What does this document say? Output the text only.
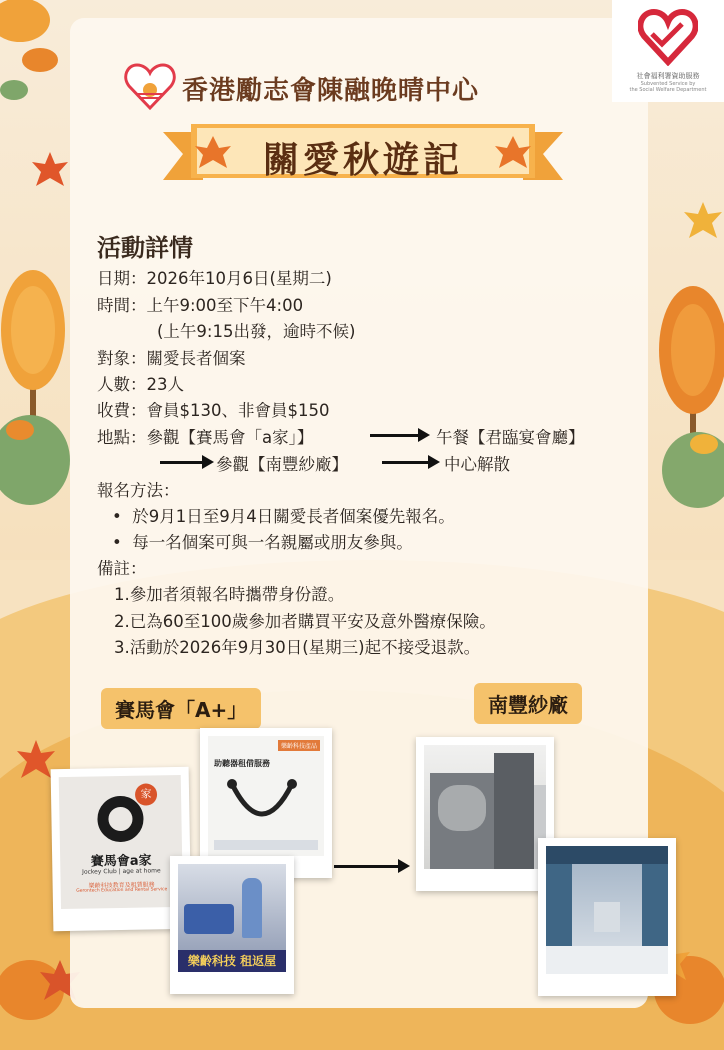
社會福利署資助服務
Subvented Service by
the Social Welfare Department
香港勵志會陳融晚晴中心
關愛秋遊記
活動詳情
日期：2026年10月6日(星期二)
時間：上午9:00至下午4:00
(上午9:15出發，逾時不候)
對象：關愛長者個案
人數：23人
收費：會員$130、非會員$150
地點：參觀【賽馬會「a家」】	午餐【君臨宴會廳】
參觀【南豐紗廠】	中心解散
報名方法：
•  於9月1日至9月4日關愛長者個案優先報名。
•  每一名個案可與一名親屬或朋友參與。
備註：
1.參加者須報名時攜帶身份證。
2.已為60至100歲參加者購買平安及意外醫療保險。
3.活動於2026年9月30日(星期三)起不接受退款。
賽馬會「A+」	南豐紗廠
家
賽馬會a家
Jockey Club | age at home
樂齡科技教育及租賃服務
Gerontech Education and Rental Service
樂齡科技產品
助聽器租借服務
樂齡科技 租返屋
